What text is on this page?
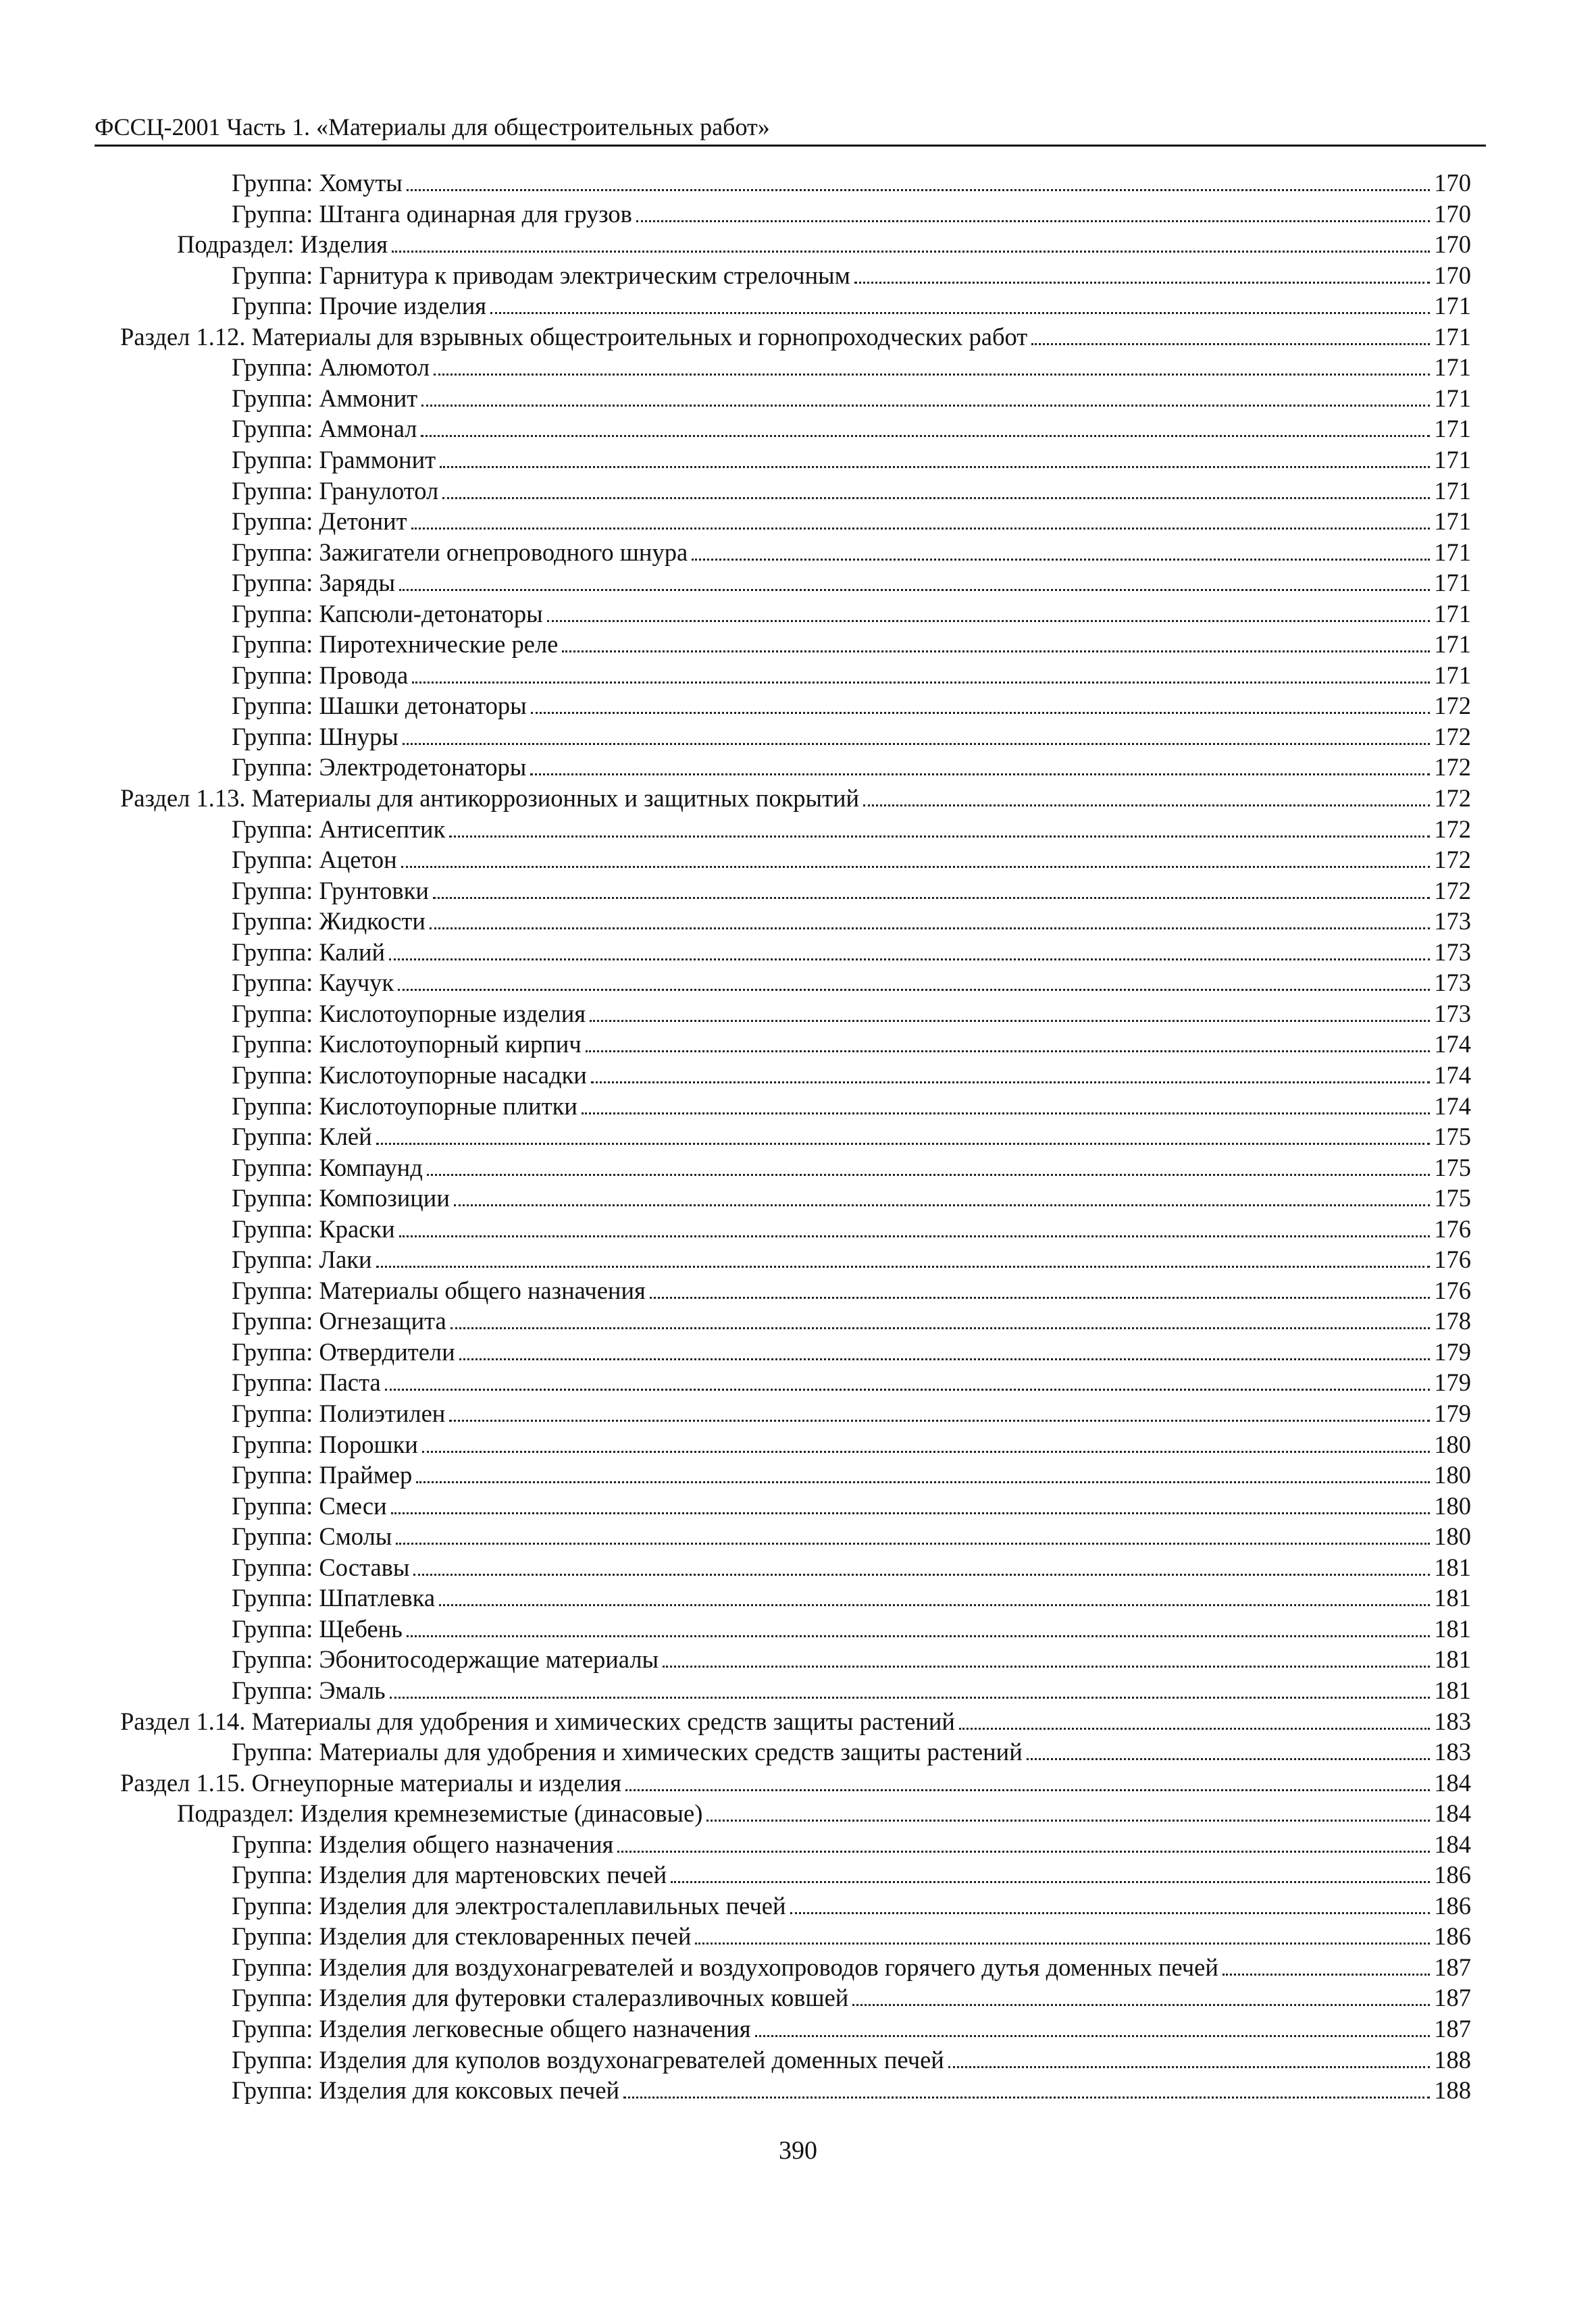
ФССЦ-2001 Часть 1. «Материалы для общестроительных работ»
Группа: Хомуты	170
Группа: Штанга одинарная для грузов	170
Подраздел: Изделия	170
Группа: Гарнитура к приводам электрическим стрелочным	170
Группа: Прочие изделия	171
Раздел 1.12. Материалы для взрывных общестроительных и горнопроходческих работ	171
Группа: Алюмотол	171
Группа: Аммонит	171
Группа: Аммонал	171
Группа: Граммонит	171
Группа: Гранулотол	171
Группа: Детонит	171
Группа: Зажигатели огнепроводного шнура	171
Группа: Заряды	171
Группа: Капсюли-детонаторы	171
Группа: Пиротехнические реле	171
Группа: Провода	171
Группа: Шашки детонаторы	172
Группа: Шнуры	172
Группа: Электродетонаторы	172
Раздел 1.13. Материалы для антикоррозионных и защитных покрытий	172
Группа: Антисептик	172
Группа: Ацетон	172
Группа: Грунтовки	172
Группа: Жидкости	173
Группа: Калий	173
Группа: Каучук	173
Группа: Кислотоупорные изделия	173
Группа: Кислотоупорный кирпич	174
Группа: Кислотоупорные насадки	174
Группа: Кислотоупорные плитки	174
Группа: Клей	175
Группа: Компаунд	175
Группа: Композиции	175
Группа: Краски	176
Группа: Лаки	176
Группа: Материалы общего назначения	176
Группа: Огнезащита	178
Группа: Отвердители	179
Группа: Паста	179
Группа: Полиэтилен	179
Группа: Порошки	180
Группа: Праймер	180
Группа: Смеси	180
Группа: Смолы	180
Группа: Составы	181
Группа: Шпатлевка	181
Группа: Щебень	181
Группа: Эбонитосодержащие материалы	181
Группа: Эмаль	181
Раздел 1.14. Материалы для удобрения и химических средств защиты растений	183
Группа: Материалы для удобрения и химических средств защиты растений	183
Раздел 1.15. Огнеупорные материалы и изделия	184
Подраздел: Изделия кремнеземистые (динасовые)	184
Группа: Изделия общего назначения	184
Группа: Изделия для мартеновских печей	186
Группа: Изделия для электросталеплавильных печей	186
Группа: Изделия для стекловаренных печей	186
Группа: Изделия для воздухонагревателей и воздухопроводов горячего дутья доменных печей	187
Группа: Изделия для футеровки сталеразливочных ковшей	187
Группа: Изделия легковесные общего назначения	187
Группа: Изделия для куполов воздухонагревателей доменных печей	188
Группа: Изделия для коксовых печей	188
390
